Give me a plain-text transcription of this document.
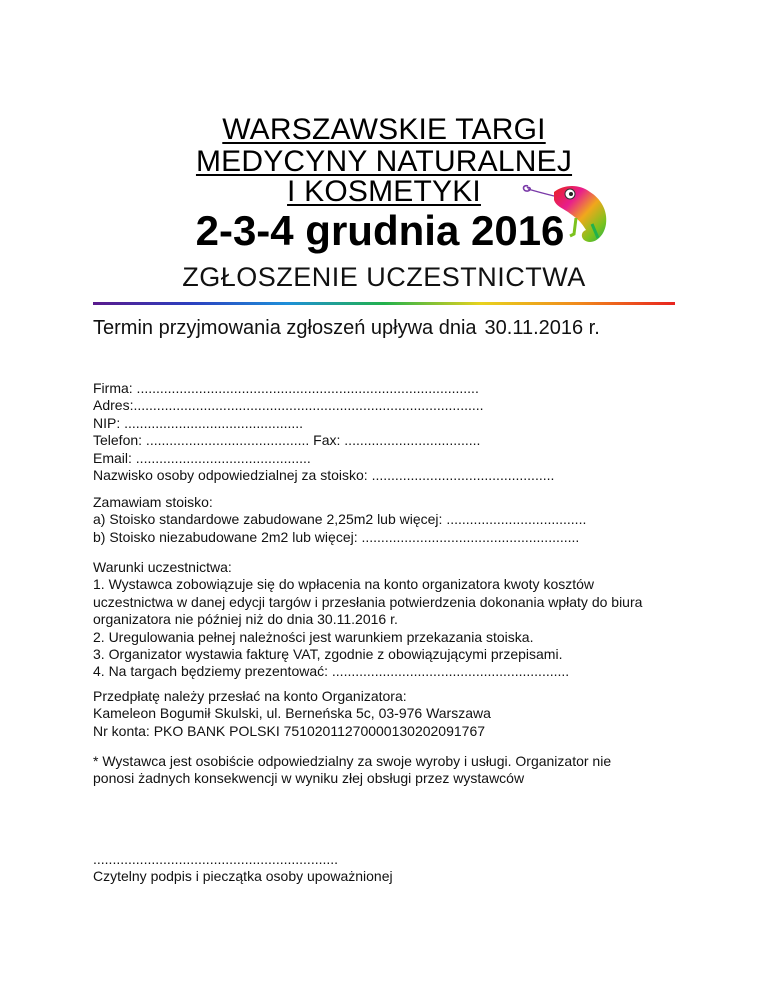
WARSZAWSKIE TARGI
MEDYCYNY NATURALNEJ
I KOSMETYKI
2-3-4 grudnia 2016
ZGŁOSZENIE UCZESTNICTWA
Termin przyjmowania zgłoszeń upływa dnia 30.11.2016 r.
Firma: ........................................................................................
Adres:..........................................................................................
NIP: ..............................................
Telefon: .......................................... Fax: ...................................
Email: .............................................
Nazwisko osoby odpowiedzialnej za stoisko: ...............................................
Zamawiam stoisko:
a) Stoisko standardowe zabudowane 2,25m2 lub więcej: ....................................
b) Stoisko niezabudowane 2m2 lub więcej: ........................................................
Warunki uczestnictwa:
1. Wystawca zobowiązuje się do wpłacenia na konto organizatora kwoty kosztów uczestnictwa w danej edycji targów i przesłania potwierdzenia dokonania wpłaty do biura organizatora nie później niż do dnia 30.11.2016 r.
2. Uregulowania pełnej należności jest warunkiem przekazania stoiska.
3. Organizator wystawia fakturę VAT, zgodnie z obowiązującymi przepisami.
4. Na targach będziemy prezentować: .............................................................
Przedpłatę należy przesłać na konto Organizatora:
Kameleon Bogumił Skulski, ul. Berneńska 5c, 03-976 Warszawa
Nr konta: PKO BANK POLSKI 75102011270000130202091767
* Wystawca jest osobiście odpowiedzialny za swoje wyroby i usługi. Organizator nie ponosi żadnych konsekwencji w wyniku złej obsługi przez wystawców
...............................................................
Czytelny podpis i pieczątka osoby upoważnionej
